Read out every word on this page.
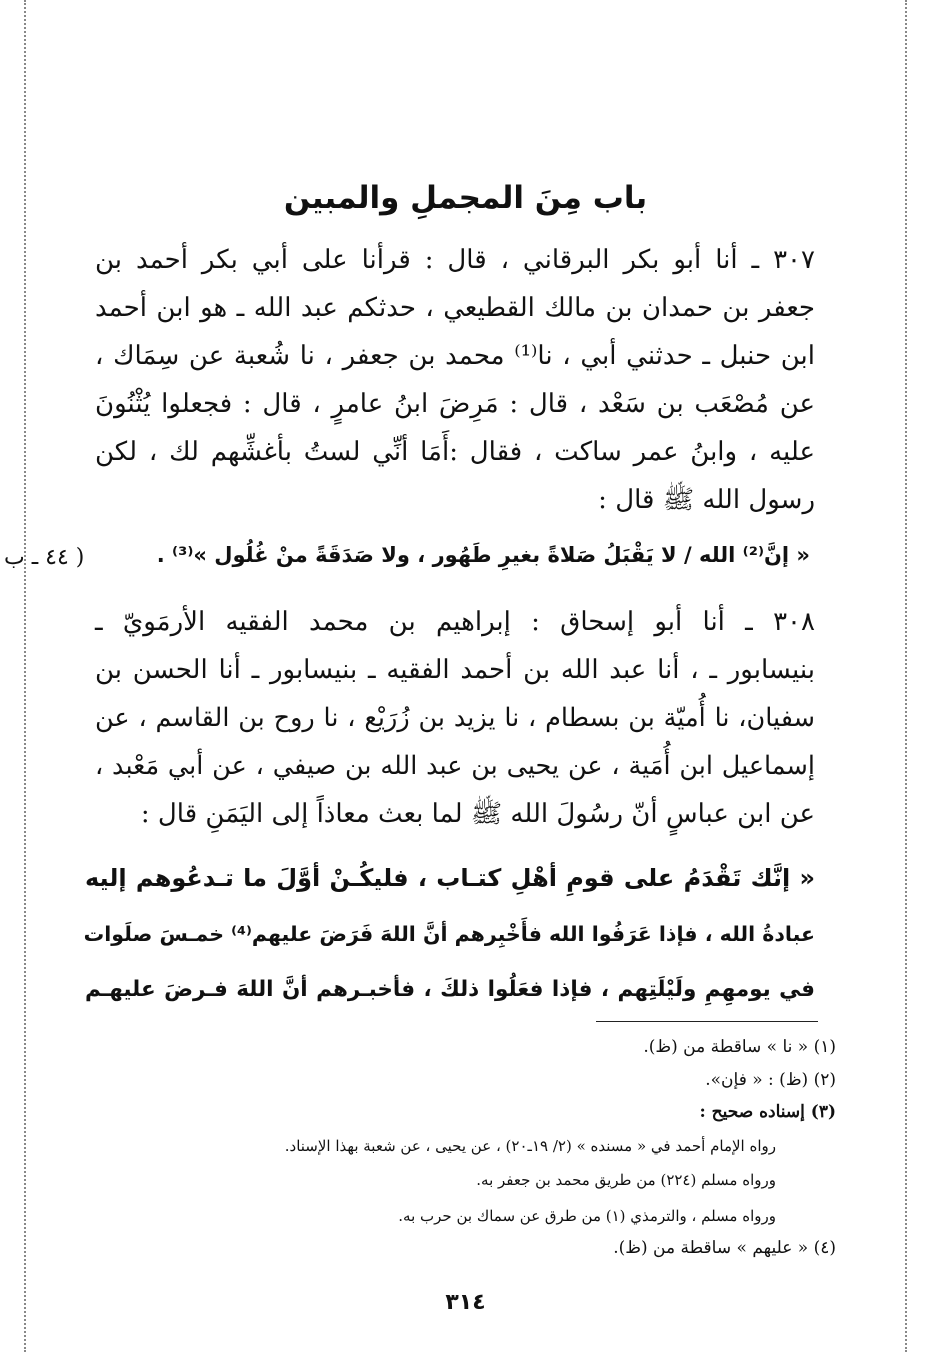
باب مِنَ المجملِ والمبين
٣٠٧ ـ أنا أبو بكر البرقاني ، قال : قرأنا على أبي بكر أحمد بن
جعفر بن حمدان بن مالك القطيعي ، حدثكم عبد الله ـ هو ابن أحمد
ابن حنبل ـ حدثني أبي ، نا⁽¹⁾ محمد بن جعفر ، نا شُعبة عن سِمَاك ،
عن مُصْعَب بن سَعْد ، قال : مَرِضَ ابنُ عامرٍ ، قال : فجعلوا يُثْنُونَ
عليه ، وابنُ عمر ساكت ، فقال :أَمَا أنِّي لستُ بأغشِّهم لك ، لكن
رسول الله ﷺ قال :
( ٤٤ ـ ب	« إنَّ⁽²⁾ الله / لا يَقْبَلُ صَلاةً بغيرِ طَهُور ، ولا صَدَقَةً منْ غُلُول »⁽³⁾ .
٣٠٨ ـ أنا أبو إسحاق : إبراهيم بن محمد الفقيه الأرمَويّ ـ
بنيسابور ـ ، أنا عبد الله بن أحمد الفقيه ـ بنيسابور ـ أنا الحسن بن
سفيان، نا أُميّة بن بسطام ، نا يزيد بن زُرَيْع ، نا روح بن القاسم ، عن
إسماعيل ابن أُمَية ، عن يحيى بن عبد الله بن صيفي ، عن أبي مَعْبد ،
عن ابن عباسٍ أنّ رسُولَ الله ﷺ لما بعث معاذاً إلى اليَمَنِ قال :
« إنَّك تَقْدَمُ على قومِ أهْلِ كتـاب ، فليكُـنْ أوَّلَ ما تـدعُوهم إليه
عبادةُ الله ، فإذا عَرَفُوا الله فأَخْبِرهم أنَّ اللهَ فَرَضَ عليهم⁽⁴⁾ خمـسَ صلَوات
في يومهِمِ ولَيْلَتِهم ، فإذا فعَلُوا ذلكَ ، فأخبـرهم أنَّ اللهَ فـرضَ عليهـم
(١) « نا » ساقطة من (ظ).
(٢) (ظ) : « فإن».
(٣) إسناده صحيح :
رواه الإمام أحمد في « مسنده » (٢/ ١٩ـ٢٠) ، عن يحيى ، عن شعبة بهذا الإسناد.
ورواه مسلم (٢٢٤) من طريق محمد بن جعفر به.
ورواه مسلم ، والترمذي (١) من طرق عن سماك بن حرب به.
(٤) « عليهم » ساقطة من (ظ).
٣١٤
